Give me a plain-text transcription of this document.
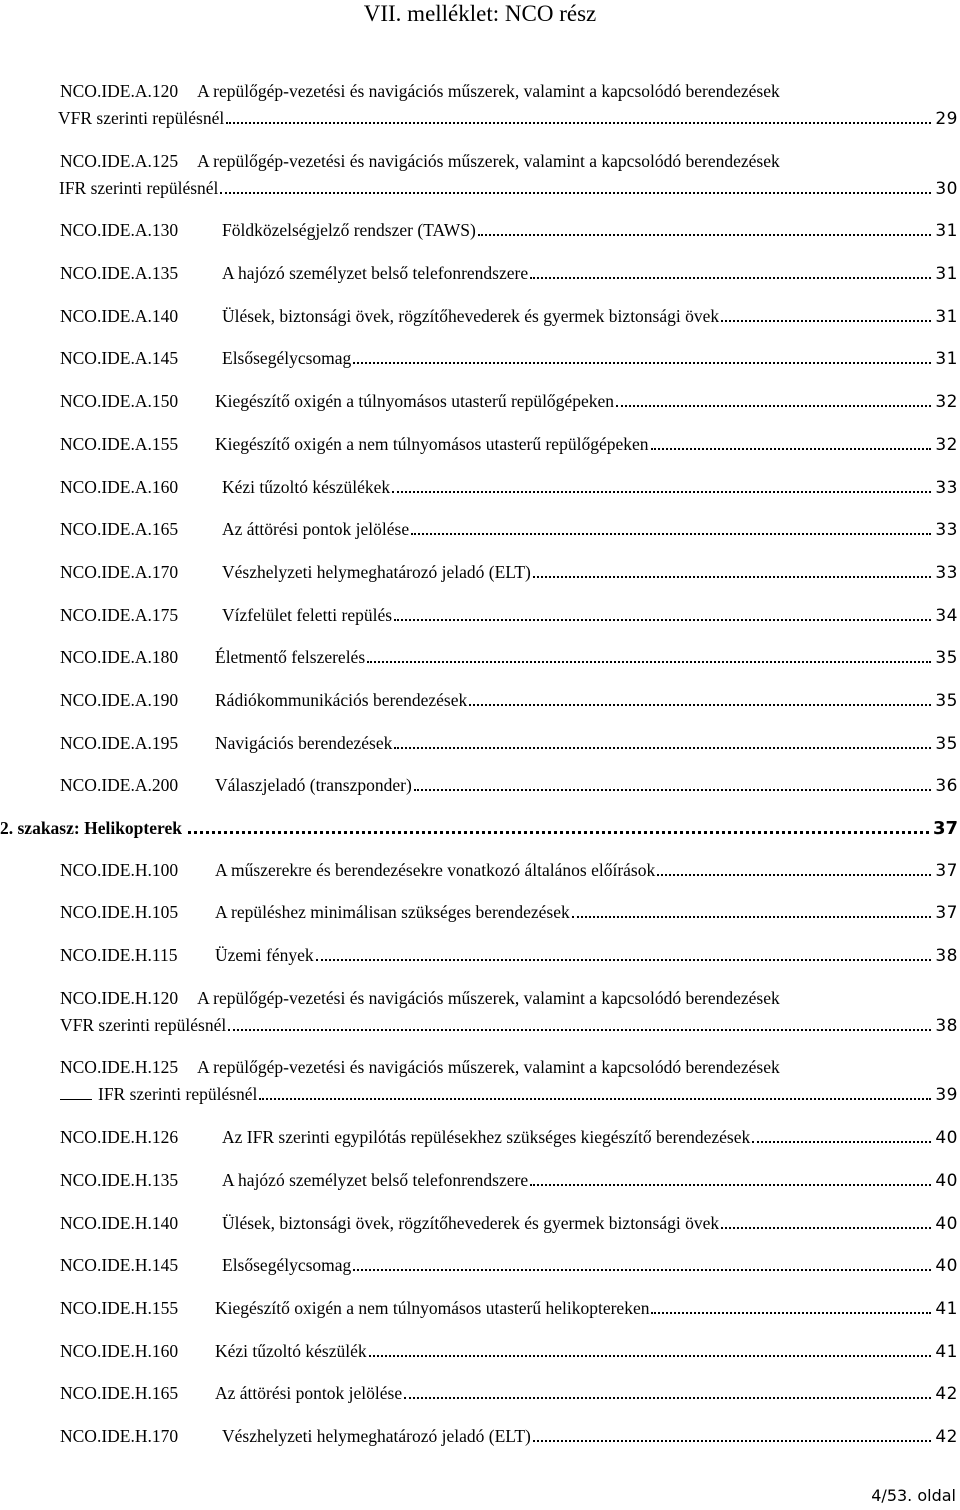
VII. melléklet: NCO rész
NCO.IDE.A.120 A repülőgép-vezetési és navigációs műszerek, valamint a kapcsolódó berendezések
VFR szerinti repülésnél	29
NCO.IDE.A.125 A repülőgép-vezetési és navigációs műszerek, valamint a kapcsolódó berendezések
IFR szerinti repülésnél	30
NCO.IDE.A.130	Földközelségjelző rendszer (TAWS)	31
NCO.IDE.A.135	A hajózó személyzet belső telefonrendszere	31
NCO.IDE.A.140	Ülések, biztonsági övek, rögzítőhevederek és gyermek biztonsági övek	31
NCO.IDE.A.145	Elsősegélycsomag	31
NCO.IDE.A.150	Kiegészítő oxigén a túlnyomásos utasterű repülőgépeken	32
NCO.IDE.A.155	Kiegészítő oxigén a nem túlnyomásos utasterű repülőgépeken	32
NCO.IDE.A.160	Kézi tűzoltó készülékek	33
NCO.IDE.A.165	Az áttörési pontok jelölése	33
NCO.IDE.A.170	Vészhelyzeti helymeghatározó jeladó (ELT)	33
NCO.IDE.A.175	Vízfelület feletti repülés	34
NCO.IDE.A.180	Életmentő felszerelés	35
NCO.IDE.A.190	Rádiókommunikációs berendezések	35
NCO.IDE.A.195	Navigációs berendezések	35
NCO.IDE.A.200	Válaszjeladó (transzponder)	36
2. szakasz: Helikopterek	37
NCO.IDE.H.100	A műszerekre és berendezésekre vonatkozó általános előírások	37
NCO.IDE.H.105	A repüléshez minimálisan szükséges berendezések	37
NCO.IDE.H.115	Üzemi fények	38
NCO.IDE.H.120 A repülőgép-vezetési és navigációs műszerek, valamint a kapcsolódó berendezések
VFR szerinti repülésnél	38
NCO.IDE.H.125 A repülőgép-vezetési és navigációs műszerek, valamint a kapcsolódó berendezések
IFR szerinti repülésnél	39
NCO.IDE.H.126	Az IFR szerinti egypilótás repülésekhez szükséges kiegészítő berendezések	40
NCO.IDE.H.135	A hajózó személyzet belső telefonrendszere	40
NCO.IDE.H.140	Ülések, biztonsági övek, rögzítőhevederek és gyermek biztonsági övek	40
NCO.IDE.H.145	Elsősegélycsomag	40
NCO.IDE.H.155	Kiegészítő oxigén a nem túlnyomásos utasterű helikoptereken	41
NCO.IDE.H.160	Kézi tűzoltó készülék	41
NCO.IDE.H.165	Az áttörési pontok jelölése	42
NCO.IDE.H.170	Vészhelyzeti helymeghatározó jeladó (ELT)	42
4/53. oldal
